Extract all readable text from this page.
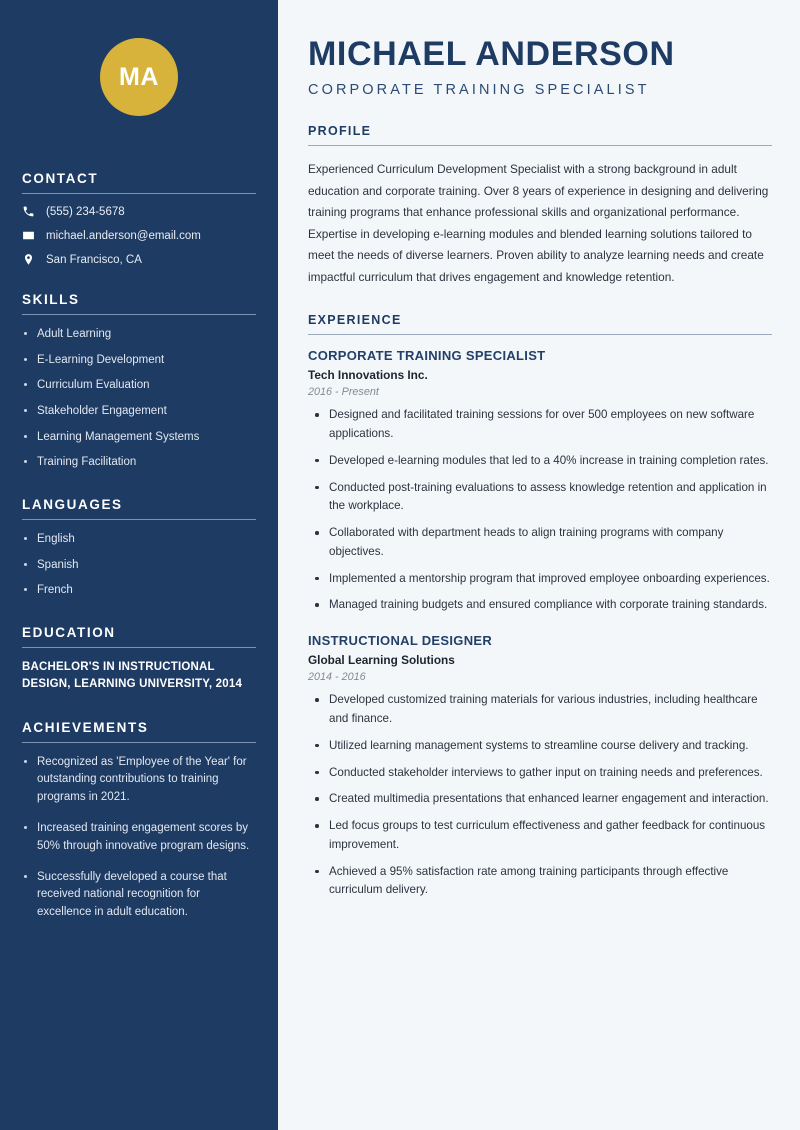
MA
CONTACT
(555) 234-5678
michael.anderson@email.com
San Francisco, CA
SKILLS
Adult Learning
E-Learning Development
Curriculum Evaluation
Stakeholder Engagement
Learning Management Systems
Training Facilitation
LANGUAGES
English
Spanish
French
EDUCATION
BACHELOR'S IN INSTRUCTIONAL DESIGN, LEARNING UNIVERSITY, 2014
ACHIEVEMENTS
Recognized as 'Employee of the Year' for outstanding contributions to training programs in 2021.
Increased training engagement scores by 50% through innovative program designs.
Successfully developed a course that received national recognition for excellence in adult education.
MICHAEL ANDERSON
CORPORATE TRAINING SPECIALIST
PROFILE

Experienced Curriculum Development Specialist with a strong background in adult education and corporate training. Over 8 years of experience in designing and delivering training programs that enhance professional skills and organizational performance. Expertise in developing e-learning modules and blended learning solutions tailored to meet the needs of diverse learners. Proven ability to analyze learning needs and create impactful curriculum that drives engagement and knowledge retention.

EXPERIENCE
CORPORATE TRAINING SPECIALIST
Tech Innovations Inc.
2016 - Present
Designed and facilitated training sessions for over 500 employees on new software applications.
Developed e-learning modules that led to a 40% increase in training completion rates.
Conducted post-training evaluations to assess knowledge retention and application in the workplace.
Collaborated with department heads to align training programs with company objectives.
Implemented a mentorship program that improved employee onboarding experiences.
Managed training budgets and ensured compliance with corporate training standards.
INSTRUCTIONAL DESIGNER
Global Learning Solutions
2014 - 2016
Developed customized training materials for various industries, including healthcare and finance.
Utilized learning management systems to streamline course delivery and tracking.
Conducted stakeholder interviews to gather input on training needs and preferences.
Created multimedia presentations that enhanced learner engagement and interaction.
Led focus groups to test curriculum effectiveness and gather feedback for continuous improvement.
Achieved a 95% satisfaction rate among training participants through effective curriculum delivery.
